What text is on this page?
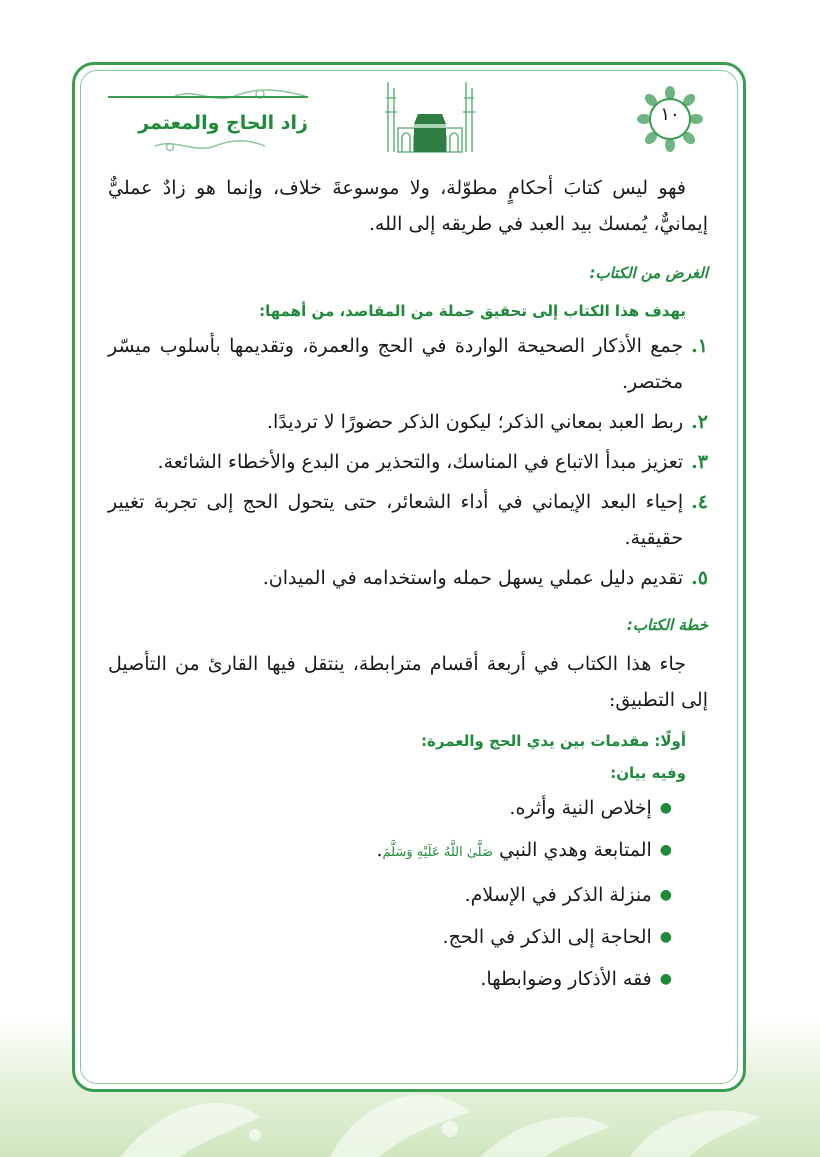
زاد الحاج والمعتمر	١٠

فهو ليس كتابَ أحكامٍ مطوّلة، ولا موسوعةَ خلاف، وإنما هو زادٌ عمليٌّ إيمانيٌّ، يُمسك بيد العبد في طريقه إلى الله.

الغرض من الكتاب:

يهدف هذا الكتاب إلى تحقيق جملة من المقاصد، من أهمها:

١.
جمع الأذكار الصحيحة الواردة في الحج والعمرة، وتقديمها بأسلوب ميسّر مختصر.
٢.
ربط العبد بمعاني الذكر؛ ليكون الذكر حضورًا لا ترديدًا.
٣.
تعزيز مبدأ الاتباع في المناسك، والتحذير من البدع والأخطاء الشائعة.
٤.
إحياء البعد الإيماني في أداء الشعائر، حتى يتحول الحج إلى تجربة تغيير حقيقية.
٥.
تقديم دليل عملي يسهل حمله واستخدامه في الميدان.

خطة الكتاب:

جاء هذا الكتاب في أربعة أقسام مترابطة، ينتقل فيها القارئ من التأصيل إلى التطبيق:

أولًا: مقدمات بين يدي الحج والعمرة:

وفيه بيان:

●
إخلاص النية وأثره.
●
المتابعة وهدي النبي صَلَّىٰ اللَّهُ عَلَيْهِ وَسَلَّمَ.
●
منزلة الذكر في الإسلام.
●
الحاجة إلى الذكر في الحج.
●
فقه الأذكار وضوابطها.
